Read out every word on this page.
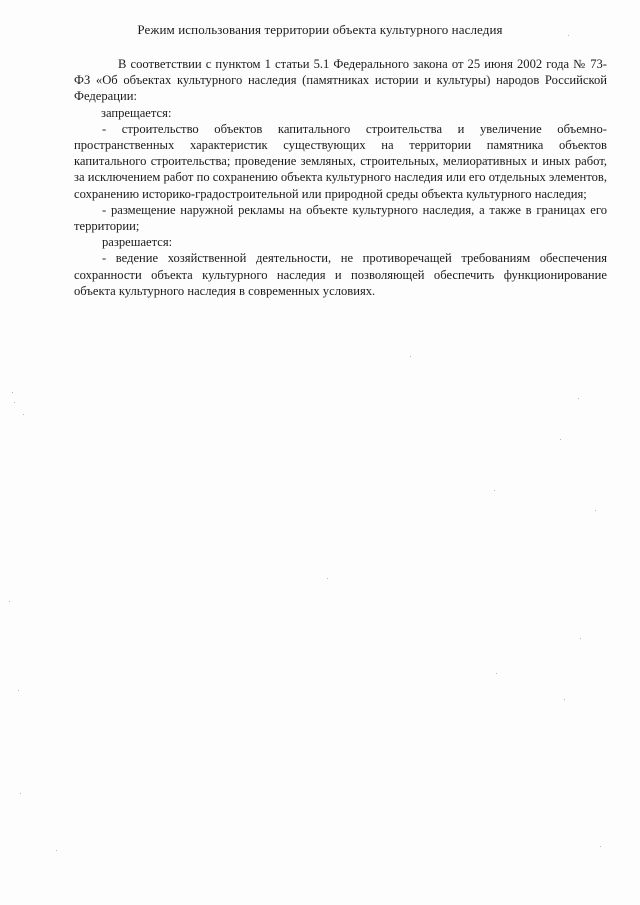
Режим использования территории объекта культурного наследия

В соответствии с пунктом 1 статьи 5.1 Федерального закона от 25 июня 2002 года № 73-ФЗ «Об объектах культурного наследия (памятниках истории и культуры) народов Российской Федерации:

запрещается:

- строительство объектов капитального строительства и увеличение объемно-пространственных характеристик существующих на территории памятника объектов капитального строительства; проведение земляных, строительных, мелиоративных и иных работ, за исключением работ по сохранению объекта культурного наследия или его отдельных элементов, сохранению историко-градостроительной или природной среды объекта культурного наследия;

- размещение наружной рекламы на объекте культурного наследия, а также в границах его территории;

разрешается:

- ведение хозяйственной деятельности, не противоречащей требованиям обеспечения сохранности объекта культурного наследия и позволяющей обеспечить функционирование объекта культурного наследия в современных условиях.
